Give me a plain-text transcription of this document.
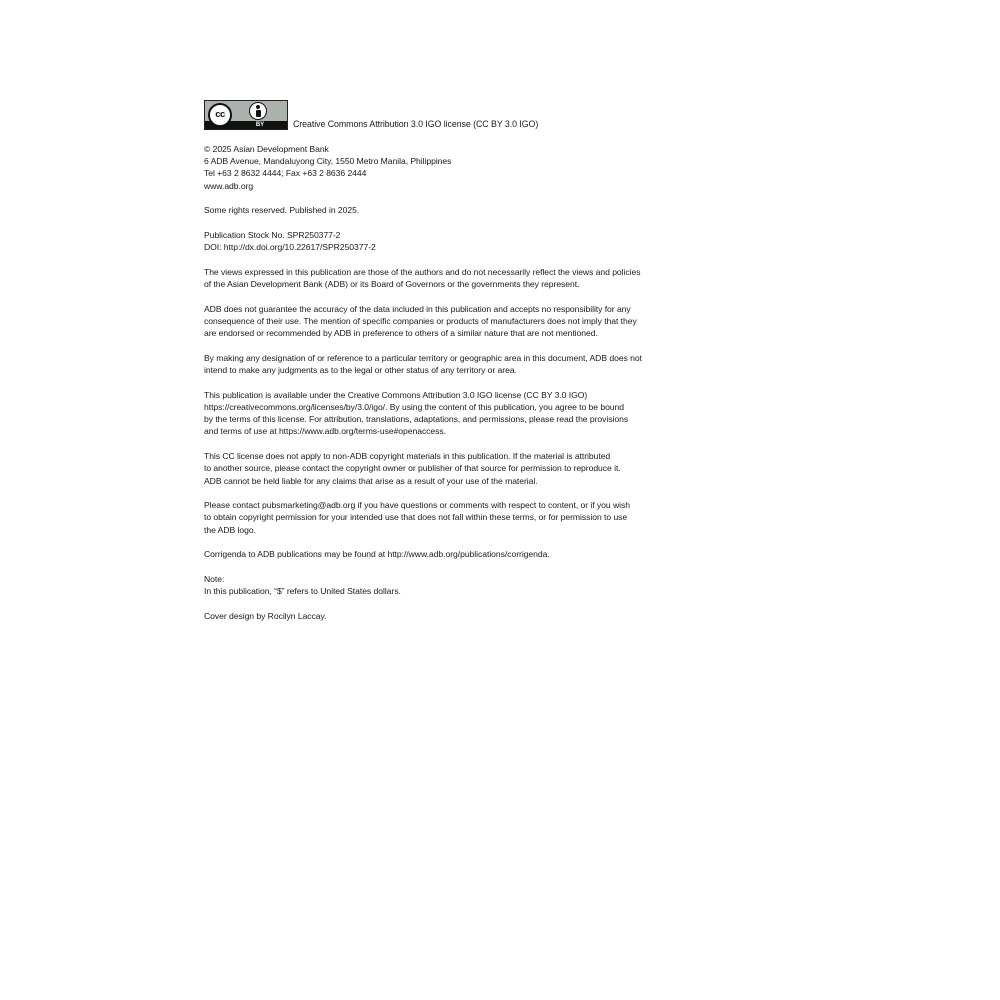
cc
BY	Creative Commons Attribution 3.0 IGO license (CC BY 3.0 IGO)
© 2025 Asian Development Bank
6 ADB Avenue, Mandaluyong City, 1550 Metro Manila, Philippines
Tel +63 2 8632 4444; Fax +63 2 8636 2444
www.adb.org
Some rights reserved. Published in 2025.
Publication Stock No. SPR250377-2
DOI: http://dx.doi.org/10.22617/SPR250377-2
The views expressed in this publication are those of the authors and do not necessarily reflect the views and policies
of the Asian Development Bank (ADB) or its Board of Governors or the governments they represent.
ADB does not guarantee the accuracy of the data included in this publication and accepts no responsibility for any
consequence of their use. The mention of specific companies or products of manufacturers does not imply that they
are endorsed or recommended by ADB in preference to others of a similar nature that are not mentioned.
By making any designation of or reference to a particular territory or geographic area in this document, ADB does not
intend to make any judgments as to the legal or other status of any territory or area.
This publication is available under the Creative Commons Attribution 3.0 IGO license (CC BY 3.0 IGO)
https://creativecommons.org/licenses/by/3.0/igo/. By using the content of this publication, you agree to be bound
by the terms of this license. For attribution, translations, adaptations, and permissions, please read the provisions
and terms of use at https://www.adb.org/terms-use#openaccess.
This CC license does not apply to non-ADB copyright materials in this publication. If the material is attributed
to another source, please contact the copyright owner or publisher of that source for permission to reproduce it.
ADB cannot be held liable for any claims that arise as a result of your use of the material.
Please contact pubsmarketing@adb.org if you have questions or comments with respect to content, or if you wish
to obtain copyright permission for your intended use that does not fall within these terms, or for permission to use
the ADB logo.
Corrigenda to ADB publications may be found at http://www.adb.org/publications/corrigenda.
Note:
In this publication, “$” refers to United States dollars.
Cover design by Rocilyn Laccay.
